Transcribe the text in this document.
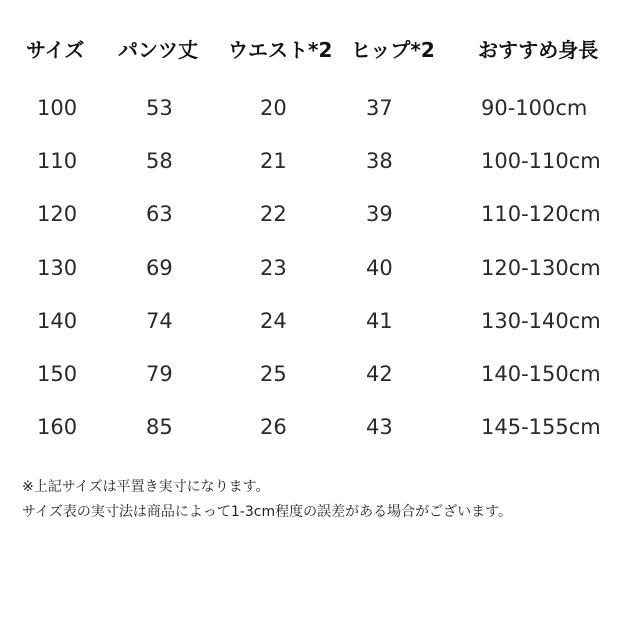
サイズ パンツ丈 ウエスト*2 ヒップ*2 おすすめ身長
100	53	20	37	90-100cm
110	58	21	38	100-110cm
120	63	22	39	110-120cm
130	69	23	40	120-130cm
140	74	24	41	130-140cm
150	79	25	42	140-150cm
160	85	26	43	145-155cm
※上記サイズは平置き実寸になります。
サイズ表の実寸法は商品によって1-3cm程度の誤差がある場合がございます。
